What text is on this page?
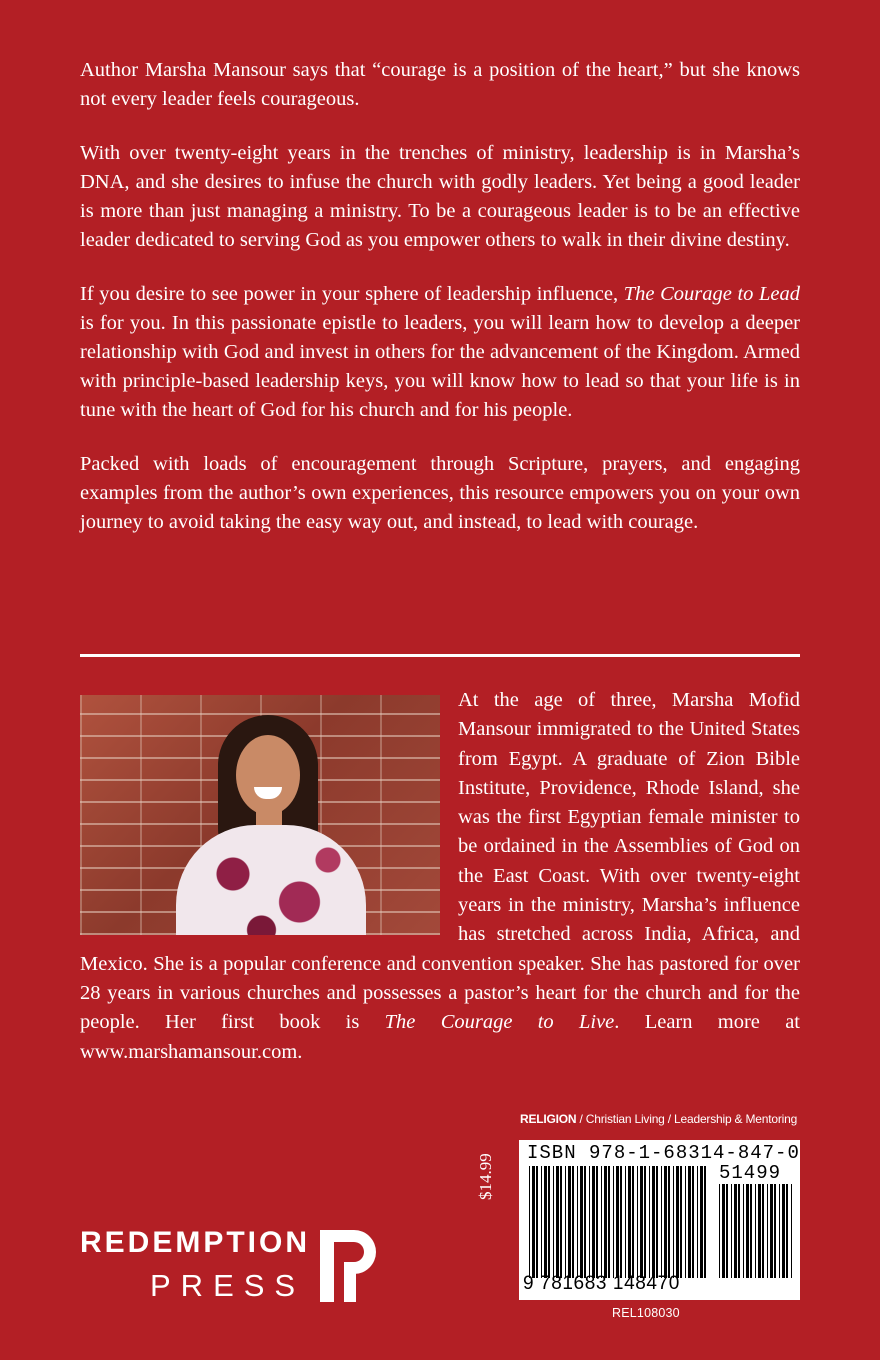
Author Marsha Mansour says that “courage is a position of the heart,” but she knows not every leader feels courageous.

With over twenty-eight years in the trenches of ministry, leadership is in Marsha’s DNA, and she desires to infuse the church with godly leaders. Yet being a good leader is more than just managing a ministry. To be a courageous leader is to be an effective leader dedicated to serving God as you empower others to walk in their divine destiny.

If you desire to see power in your sphere of leadership influence, The Courage to Lead is for you. In this passionate epistle to leaders, you will learn how to develop a deeper relationship with God and invest in others for the advancement of the Kingdom. Armed with principle-based leadership keys, you will know how to lead so that your life is in tune with the heart of God for his church and for his people.

Packed with loads of encouragement through Scripture, prayers, and engaging examples from the author’s own experiences, this resource empowers you on your own journey to avoid taking the easy way out, and instead, to lead with courage.

At the age of three, Marsha Mofid Mansour immigrated to the United States from Egypt. A graduate of Zion Bible Institute, Providence, Rhode Island, she was the first Egyptian female minister to be ordained in the Assemblies of God on the East Coast. With over twenty-eight years in the ministry, Marsha’s influence has stretched across India, Africa, and Mexico. She is a popular conference and convention speaker. She has pastored for over 28 years in various churches and possesses a pastor’s heart for the church and for the people. Her first book is The Courage to Live. Learn more at www.marshamansour.com.

RELIGION / Christian Living / Leadership & Mentoring
ISBN 978-1-68314-847-0
51499
9 781683 148470
$14.99
REL108030
REDEMPTION
PRESS
